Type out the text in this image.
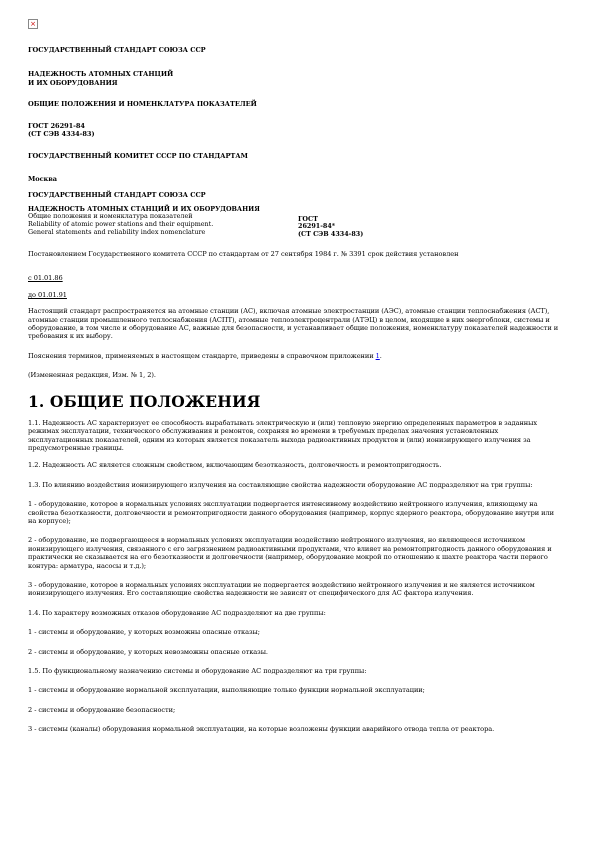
×
ГОСУДАРСТВЕННЫЙ СТАНДАРТ СОЮЗА ССР
НАДЕЖНОСТЬ АТОМНЫХ СТАНЦИЙ
И ИХ ОБОРУДОВАНИЯ
ОБЩИЕ ПОЛОЖЕНИЯ И НОМЕНКЛАТУРА ПОКАЗАТЕЛЕЙ
ГОСТ 26291-84
(СТ СЭВ 4334-83)
ГОСУДАРСТВЕННЫЙ КОМИТЕТ СССР ПО СТАНДАРТАМ
Москва
ГОСУДАРСТВЕННЫЙ СТАНДАРТ СОЮЗА ССР
НАДЕЖНОСТЬ АТОМНЫХ СТАНЦИЙ И ИХ ОБОРУДОВАНИЯ
Общие положения и номенклатура показателей
Reliability of atomic power stations and their equipment.
General statements and reliability index nomenclature
ГОСТ
26291-84*
(СТ СЭВ 4334-83)
Постановлением Государственного комитета СССР по стандартам от 27 сентября 1984 г. № 3391 срок действия установлен
с 01.01.86
до 01.01.91
Настоящий стандарт распространяется на атомные станции (АС), включая атомные электростанции (АЭС), атомные станции теплоснабжения (АСТ), атомные станции промышленного теплоснабжения (АСПТ), атомные теплоэлектроцентрали (АТЭЦ) в целом, входящие в них энергоблоки, системы и оборудование, в том числе и оборудование АС, важные для безопасности, и устанавливает общие положения, номенклатуру показателей надежности и требования к их выбору.
Пояснения терминов, применяемых в настоящем стандарте, приведены в справочном приложении 1.
(Измененная редакция, Изм. № 1, 2).
1. ОБЩИЕ ПОЛОЖЕНИЯ
1.1. Надежность АС характеризует ее способность вырабатывать электрическую и (или) тепловую энергию определенных параметров в заданных режимах эксплуатации, технического обслуживания и ремонтов, сохраняя во времени в требуемых пределах значения установленных эксплуатационных показателей, одним из которых является показатель выхода радиоактивных продуктов и (или) ионизирующего излучения за предусмотренные границы.
1.2. Надежность АС является сложным свойством, включающим безотказность, долговечность и ремонтопригодность.
1.3. По влиянию воздействия ионизирующего излучения на составляющие свойства надежности оборудование АС подразделяют на три группы:
1 - оборудование, которое в нормальных условиях эксплуатации подвергается интенсивному воздействию нейтронного излучения, влияющему на свойства безотказности, долговечности и ремонтопригодности данного оборудования (например, корпус ядерного реактора, оборудование внутри или на корпусе);
2 - оборудование, не подвергающееся в нормальных условиях эксплуатации воздействию нейтронного излучения, но являющееся источником ионизирующего излучения, связанного с его загрязнением радиоактивными продуктами, что влияет на ремонтопригодность данного оборудования и практически не сказывается на его безотказности и долговечности (например, оборудование мокрой по отношению к шахте реактора части первого контура: арматура, насосы и т.д.);
3 - оборудование, которое в нормальных условиях эксплуатации не подвергается воздействию нейтронного излучения и не является источником ионизирующего излучения. Его составляющие свойства надежности не зависят от специфического для АС фактора излучения.
1.4. По характеру возможных отказов оборудование АС подразделяют на две группы:
1 - системы и оборудование, у которых возможны опасные отказы;
2 - системы и оборудование, у которых невозможны опасные отказы.
1.5. По функциональному назначению системы и оборудование АС подразделяют на три группы:
1 - системы и оборудование нормальной эксплуатации, выполняющие только функции нормальной эксплуатации;
2 - системы и оборудование безопасности;
3 - системы (каналы) оборудования нормальной эксплуатации, на которые возложены функции аварийного отвода тепла от реактора.
